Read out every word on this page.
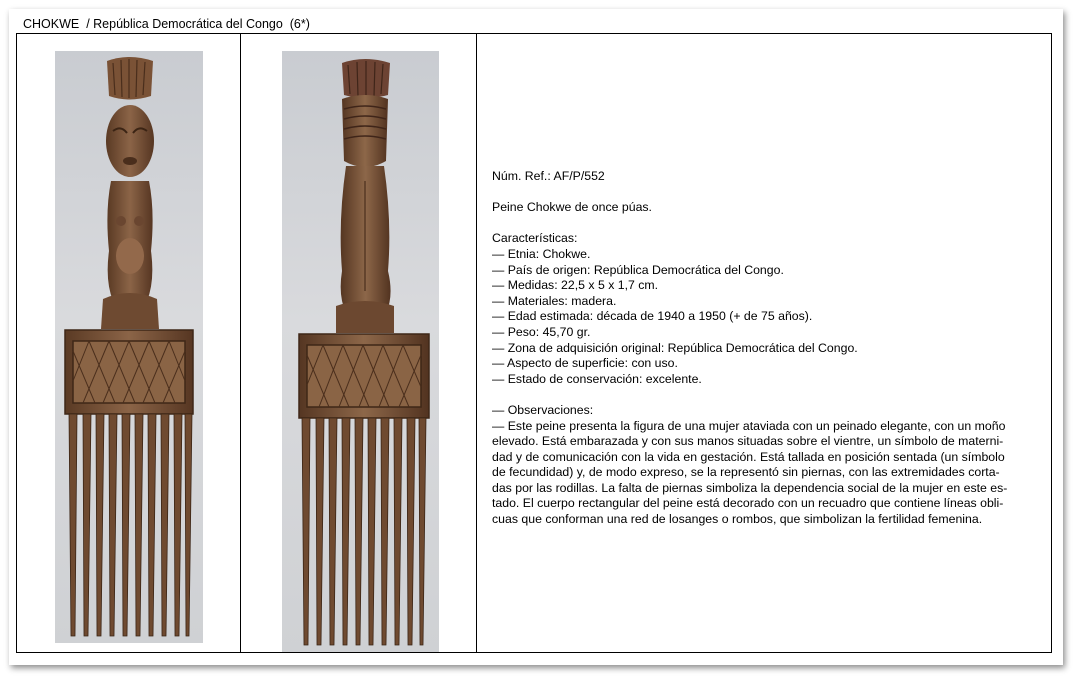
CHOKWE  / República Democrática del Congo  (6*)

Núm. Ref.: AF/P/552

Peine Chokwe de once púas.

Características:

— Etnia: Chokwe.

— País de origen: República Democrática del Congo.

— Medidas: 22,5 x 5 x 1,7 cm.

— Materiales: madera.

— Edad estimada: década de 1940 a 1950 (+ de 75 años).

— Peso: 45,70 gr.

— Zona de adquisición original: República Democrática del Congo.

— Aspecto de superficie: con uso.

— Estado de conservación: excelente.

— Observaciones:

— Este peine presenta la figura de una mujer ataviada con un peinado elegante, con un moño

elevado. Está embarazada y con sus manos situadas sobre el vientre, un símbolo de materni-

dad y de comunicación con la vida en gestación. Está tallada en posición sentada (un símbolo

de fecundidad) y, de modo expreso, se la representó sin piernas, con las extremidades corta-

das por las rodillas. La falta de piernas simboliza la dependencia social de la mujer en este es-

tado. El cuerpo rectangular del peine está decorado con un recuadro que contiene líneas obli-

cuas que conforman una red de losanges o rombos, que simbolizan la fertilidad femenina.
